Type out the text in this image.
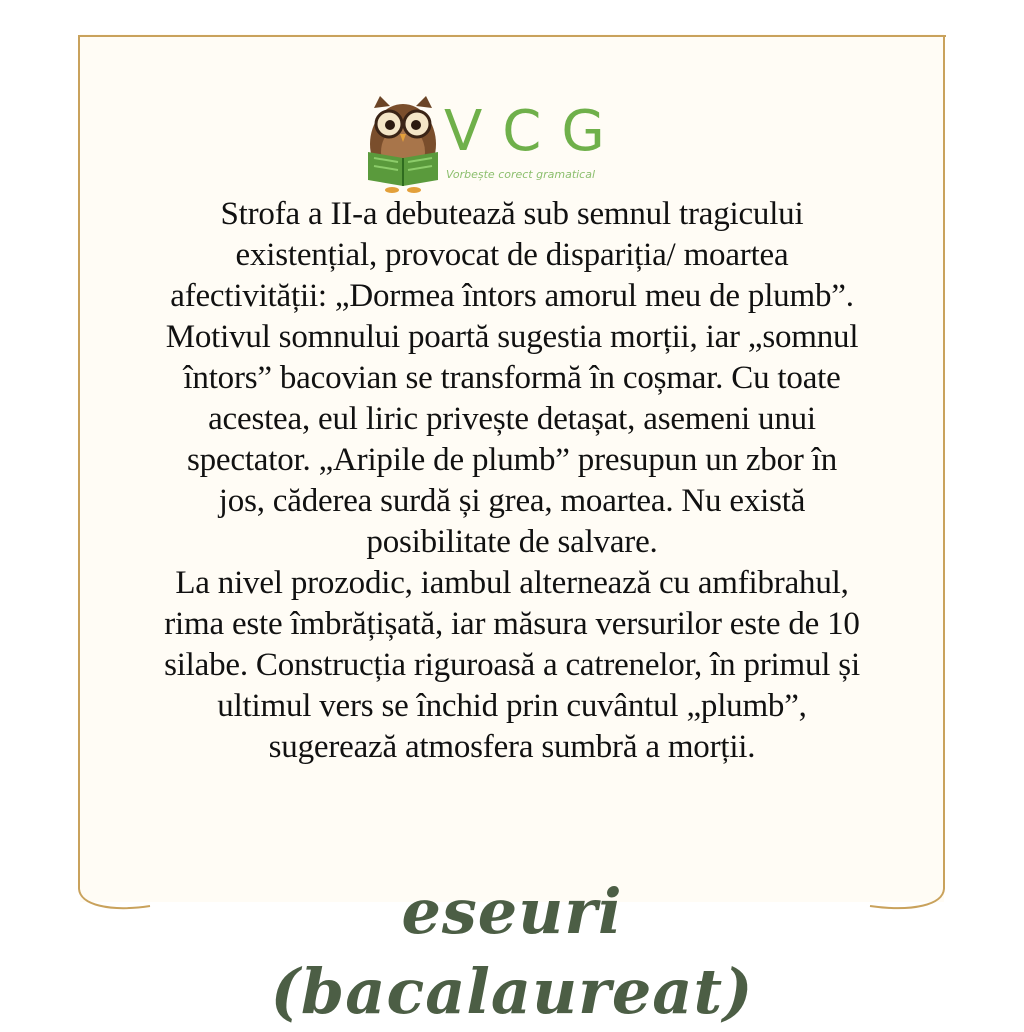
VCG
Vorbește corect gramatical

Strofa a II-a debutează sub semnul tragicului
existențial, provocat de dispariția/ moartea
afectivității: „Dormea întors amorul meu de plumb”.
Motivul somnului poartă sugestia morții, iar „somnul
întors” bacovian se transformă în coșmar. Cu toate
acestea, eul liric privește detașat, asemeni unui
spectator. „Aripile de plumb” presupun un zbor în
jos, căderea surdă și grea, moartea. Nu există
posibilitate de salvare.
La nivel prozodic, iambul alternează cu amfibrahul,
rima este îmbrățișată, iar măsura versurilor este de 10
silabe. Construcția riguroasă a catrenelor, în primul și
ultimul vers se închid prin cuvântul „plumb”,
sugerează atmosfera sumbră a morții.

eseuri (bacalaureat)
